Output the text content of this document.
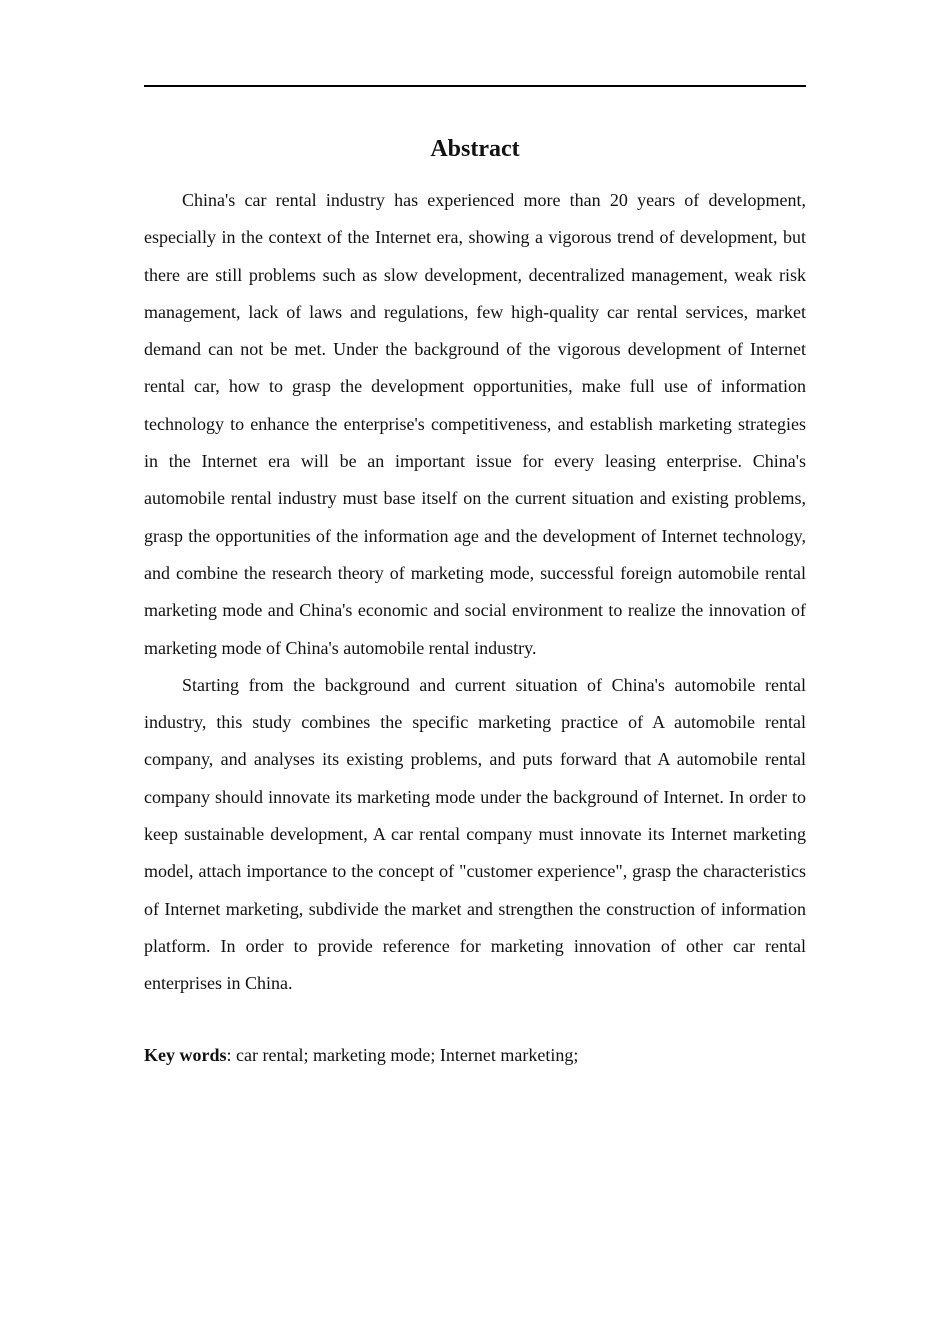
Abstract

China's car rental industry has experienced more than 20 years of development, especially in the context of the Internet era, showing a vigorous trend of development, but there are still problems such as slow development, decentralized management, weak risk management, lack of laws and regulations, few high-quality car rental services, market demand can not be met. Under the background of the vigorous development of Internet rental car, how to grasp the development opportunities, make full use of information technology to enhance the enterprise's competitiveness, and establish marketing strategies in the Internet era will be an important issue for every leasing enterprise. China's automobile rental industry must base itself on the current situation and existing problems, grasp the opportunities of the information age and the development of Internet technology, and combine the research theory of marketing mode, successful foreign automobile rental marketing mode and China's economic and social environment to realize the innovation of marketing mode of China's automobile rental industry.

Starting from the background and current situation of China's automobile rental industry, this study combines the specific marketing practice of A automobile rental company, and analyses its existing problems, and puts forward that A automobile rental company should innovate its marketing mode under the background of Internet. In order to keep sustainable development, A car rental company must innovate its Internet marketing model, attach importance to the concept of "customer experience", grasp the characteristics of Internet marketing, subdivide the market and strengthen the construction of information platform. In order to provide reference for marketing innovation of other car rental enterprises in China.

Key words: car rental; marketing mode; Internet marketing;
